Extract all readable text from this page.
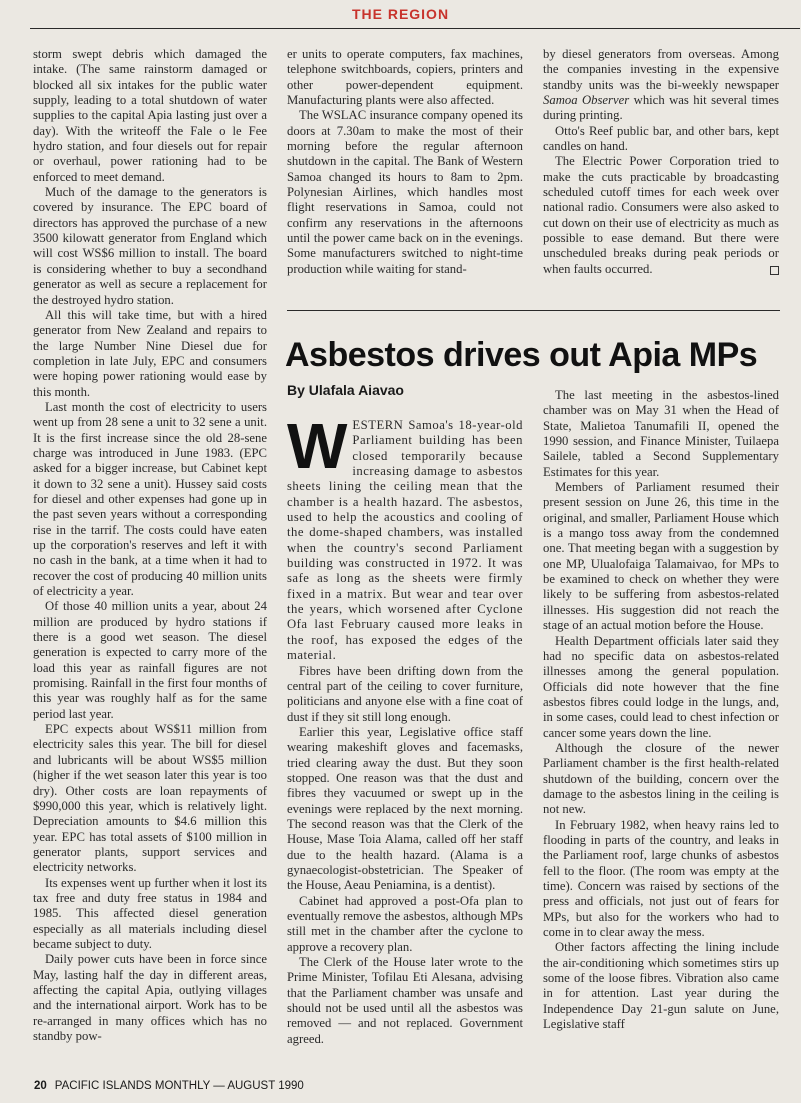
THE REGION

storm swept debris which damaged the intake. (The same rainstorm damaged or blocked all six intakes for the public water supply, leading to a total shutdown of water supplies to the capital Apia lasting just over a day). With the writeoff the Fale o le Fee hydro station, and four diesels out for repair or overhaul, power rationing had to be enforced to meet demand.

Much of the damage to the generators is covered by insurance. The EPC board of directors has approved the purchase of a new 3500 kilowatt generator from England which will cost WS$6 million to install. The board is considering whether to buy a secondhand generator as well as secure a replacement for the destroyed hydro station.

All this will take time, but with a hired generator from New Zealand and repairs to the large Number Nine Diesel due for completion in late July, EPC and consumers were hoping power rationing would ease by this month.

Last month the cost of electricity to users went up from 28 sene a unit to 32 sene a unit. It is the first increase since the old 28-sene charge was introduced in June 1983. (EPC asked for a bigger increase, but Cabinet kept it down to 32 sene a unit). Hussey said costs for diesel and other expenses had gone up in the past seven years without a corresponding rise in the tarrif. The costs could have eaten up the corporation's reserves and left it with no cash in the bank, at a time when it had to recover the cost of producing 40 million units of electricity a year.

Of those 40 million units a year, about 24 million are produced by hydro stations if there is a good wet season. The diesel generation is expected to carry more of the load this year as rainfall figures are not promising. Rainfall in the first four months of this year was roughly half as for the same period last year.

EPC expects about WS$11 million from electricity sales this year. The bill for diesel and lubricants will be about WS$5 million (higher if the wet season later this year is too dry). Other costs are loan repayments of $990,000 this year, which is relatively light. Depreciation amounts to $4.6 million this year. EPC has total assets of $100 million in generator plants, support services and electricity networks.

Its expenses went up further when it lost its tax free and duty free status in 1984 and 1985. This affected diesel generation especially as all materials including diesel became subject to duty.

Daily power cuts have been in force since May, lasting half the day in different areas, affecting the capital Apia, outlying villages and the international airport. Work has to be re-arranged in many offices which has no standby pow-

er units to operate computers, fax machines, telephone switchboards, copiers, printers and other power-dependent equipment. Manufacturing plants were also affected.

The WSLAC insurance company opened its doors at 7.30am to make the most of their morning before the regular afternoon shutdown in the capital. The Bank of Western Samoa changed its hours to 8am to 2pm. Polynesian Airlines, which handles most flight reservations in Samoa, could not confirm any reservations in the afternoons until the power came back on in the evenings. Some manufacturers switched to night-time production while waiting for stand-

by diesel generators from overseas. Among the companies investing in the expensive standby units was the bi-weekly newspaper Samoa Observer which was hit several times during printing.

Otto's Reef public bar, and other bars, kept candles on hand.

The Electric Power Corporation tried to make the cuts practicable by broadcasting scheduled cutoff times for each week over national radio. Consumers were also asked to cut down on their use of electricity as much as possible to ease demand. But there were unscheduled breaks during peak periods or when faults occurred.

Asbestos drives out Apia MPs
By Ulafala Aiavao

WESTERN Samoa's 18-year-old Parliament building has been closed temporarily because increasing damage to asbestos sheets lining the ceiling mean that the chamber is a health hazard. The asbestos, used to help the acoustics and cooling of the dome-shaped chambers, was installed when the country's second Parliament building was constructed in 1972. It was safe as long as the sheets were firmly fixed in a matrix. But wear and tear over the years, which worsened after Cyclone Ofa last February caused more leaks in the roof, has exposed the edges of the material.

Fibres have been drifting down from the central part of the ceiling to cover furniture, politicians and anyone else with a fine coat of dust if they sit still long enough.

Earlier this year, Legislative office staff wearing makeshift gloves and facemasks, tried clearing away the dust. But they soon stopped. One reason was that the dust and fibres they vacuumed or swept up in the evenings were replaced by the next morning. The second reason was that the Clerk of the House, Mase Toia Alama, called off her staff due to the health hazard. (Alama is a gynaecologist-obstetrician. The Speaker of the House, Aeau Peniamina, is a dentist).

Cabinet had approved a post-Ofa plan to eventually remove the asbestos, although MPs still met in the chamber after the cyclone to approve a recovery plan.

The Clerk of the House later wrote to the Prime Minister, Tofilau Eti Alesana, advising that the Parliament chamber was unsafe and should not be used until all the asbestos was removed — and not replaced. Government agreed.

The last meeting in the asbestos-lined chamber was on May 31 when the Head of State, Malietoa Tanumafili II, opened the 1990 session, and Finance Minister, Tuilaepa Sailele, tabled a Second Supplementary Estimates for this year.

Members of Parliament resumed their present session on June 26, this time in the original, and smaller, Parliament House which is a mango toss away from the condemned one. That meeting began with a suggestion by one MP, Ulualofaiga Talamaivao, for MPs to be examined to check on whether they were likely to be suffering from asbestos-related illnesses. His suggestion did not reach the stage of an actual motion before the House.

Health Department officials later said they had no specific data on asbestos-related illnesses among the general population. Officials did note however that the fine asbestos fibres could lodge in the lungs, and, in some cases, could lead to chest infection or cancer some years down the line.

Although the closure of the newer Parliament chamber is the first health-related shutdown of the building, concern over the damage to the asbestos lining in the ceiling is not new.

In February 1982, when heavy rains led to flooding in parts of the country, and leaks in the Parliament roof, large chunks of asbestos fell to the floor. (The room was empty at the time). Concern was raised by sections of the press and officials, not just out of fears for MPs, but also for the workers who had to come in to clear away the mess.

Other factors affecting the lining include the air-conditioning which sometimes stirs up some of the loose fibres. Vibration also came in for attention. Last year during the Independence Day 21-gun salute on June, Legislative staff

20 PACIFIC ISLANDS MONTHLY — AUGUST 1990
